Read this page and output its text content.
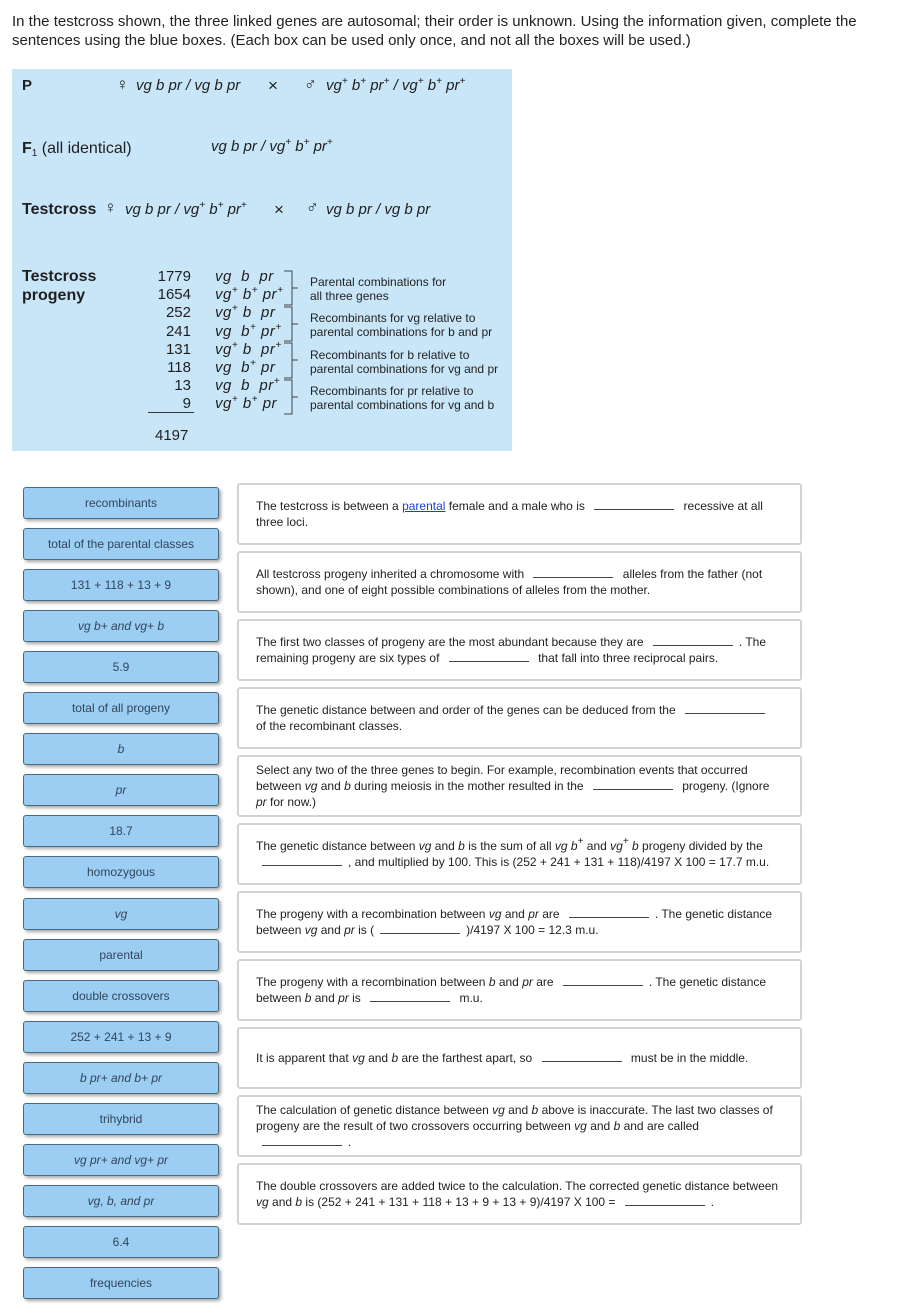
In the testcross shown, the three linked genes are autosomal; their order is unknown. Using the information given, complete the sentences using the blue boxes. (Each box can be used only once, and not all the boxes will be used.)
P	♀ vg b pr / vg b pr × ♂ vg+ b+ pr+ / vg+ b+ pr+
$F_1$ (all identical)	vg b pr / vg+ b+ pr+
Testcross ♀ vg b pr / vg+ b+ pr+ × ♂ vg b pr / vg b pr
Testcross
progeny
1779 vg  b  pr
1654 vg+ b+ pr+
252 vg+ b  pr
241 vg  b+ pr+
131 vg+ b  pr+
118 vg  b+ pr
13 vg  b  pr+
9 vg+ b+ pr
4197
Parental combinations for
all three genes
Recombinants for vg relative to
parental combinations for b and pr
Recombinants for b relative to
parental combinations for vg and pr
Recombinants for pr relative to
parental combinations for vg and b
recombinants
total of the parental classes
131 + 118 + 13 + 9
vg b+ and vg+ b
5.9
total of all progeny
b
pr
18.7
homozygous
vg
parental
double crossovers
252 + 241 + 13 + 9
b pr+ and b+ pr
trihybrid
vg pr+ and vg+ pr
vg, b, and pr
6.4
frequencies
The testcross is between a parental female and a male who is	recessive at all three loci.
All testcross progeny inherited a chromosome with	alleles from the father (not shown), and one of eight possible combinations of alleles from the mother.
The first two classes of progeny are the most abundant because they are	. The remaining progeny are six types of	that fall into three reciprocal pairs.
The genetic distance between and order of the genes can be deduced from the	of the recombinant classes.
Select any two of the three genes to begin. For example, recombination events that occurred between vg and b during meiosis in the mother resulted in the	progeny. (Ignore pr for now.)
The genetic distance between vg and b is the sum of all vg b+ and vg+ b progeny divided by the , and multiplied by 100. This is (252 + 241 + 131 + 118)/4197 X 100 = 17.7 m.u.
The progeny with a recombination between vg and pr are	. The genetic distance between vg and pr is (	)/4197 X 100 = 12.3 m.u.
The progeny with a recombination between b and pr are	. The genetic distance between b and pr is	m.u.
It is apparent that vg and b are the farthest apart, so	must be in the middle.
The calculation of genetic distance between vg and b above is inaccurate. The last two classes of progeny are the result of two crossovers occurring between vg and b and are called .
The double crossovers are added twice to the calculation. The corrected genetic distance between vg and b is (252 + 241 + 131 + 118 + 13 + 9 + 13 + 9)/4197 X 100 =	.
